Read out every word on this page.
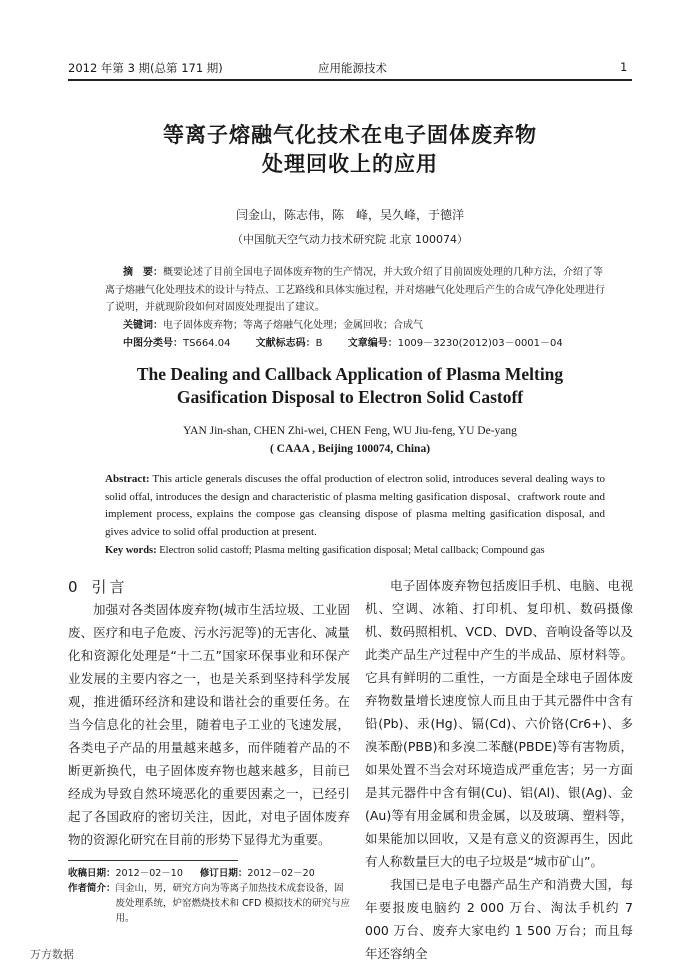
2012 年第 3 期(总第 171 期)	应用能源技术	1
等离子熔融气化技术在电子固体废弃物
处理回收上的应用
闫金山，陈志伟，陈　峰，吴久峰，于德洋
（中国航天空气动力技术研究院 北京 100074）
摘　要：概要论述了目前全国电子固体废弃物的生产情况，并大致介绍了目前固废处理的几种方法，介绍了等离子熔融气化处理技术的设计与特点、工艺路线和具体实施过程，并对熔融气化处理后产生的合成气净化处理进行了说明，并就现阶段如何对固废处理提出了建议。
关键词：电子固体废弃物；等离子熔融气化处理；金属回收；合成气
中图分类号：TS664.04	文献标志码：B	文章编号：1009－3230(2012)03－0001－04
The Dealing and Callback Application of Plasma Melting
Gasification Disposal to Electron Solid Castoff
YAN Jin-shan, CHEN Zhi-wei, CHEN Feng, WU Jiu-feng, YU De-yang
( CAAA , Beijing 100074, China)
Abstract: This article generals discuses the offal production of electron solid, introduces several dealing ways to solid offal, introduces the design and characteristic of plasma melting gasification disposal、craftwork route and implement process, explains the compose gas cleansing dispose of plasma melting gasification disposal, and gives advice to solid offal production at present.
Key words: Electron solid castoff; Plasma melting gasification disposal; Metal callback; Compound gas
0 引言

加强对各类固体废弃物(城市生活垃圾、工业固废、医疗和电子危废、污水污泥等)的无害化、减量化和资源化处理是“十二五”国家环保事业和环保产业发展的主要内容之一，也是关系到坚持科学发展观，推进循环经济和建设和谐社会的重要任务。在当今信息化的社会里，随着电子工业的飞速发展，各类电子产品的用量越来越多，而伴随着产品的不断更新换代，电子固体废弃物也越来越多，目前已经成为导致自然环境恶化的重要因素之一，已经引起了各国政府的密切关注，因此，对电子固体废弃物的资源化研究在目前的形势下显得尤为重要。

收稿日期：2012－02－10 修订日期：2012－02－20
作者简介： 闫金山，男，研究方向为等离子加热技术成套设备，固废处理系统，炉窑燃烧技术和 CFD 模拟技术的研究与应用。

电子固体废弃物包括废旧手机、电脑、电视机、空调、冰箱、打印机、复印机、数码摄像机、数码照相机、VCD、DVD、音响设备等以及此类产品生产过程中产生的半成品、原材料等。它具有鲜明的二重性，一方面是全球电子固体废弃物数量增长速度惊人而且由于其元器件中含有铅(Pb)、汞(Hg)、镉(Cd)、六价铬(Cr6+)、多溴苯酚(PBB)和多溴二苯醚(PBDE)等有害物质，如果处置不当会对环境造成严重危害；另一方面是其元器件中含有铜(Cu)、铝(Al)、银(Ag)、金(Au)等有用金属和贵金属，以及玻璃、塑料等，如果能加以回收，又是有意义的资源再生，因此有人称数量巨大的电子垃圾是“城市矿山”。

我国已是电子电器产品生产和消费大国，每年要报废电脑约 2 000 万台、淘汰手机约 7 000 万台、废弃大家电约 1 500 万台；而且每年还容纳全

万方数据
